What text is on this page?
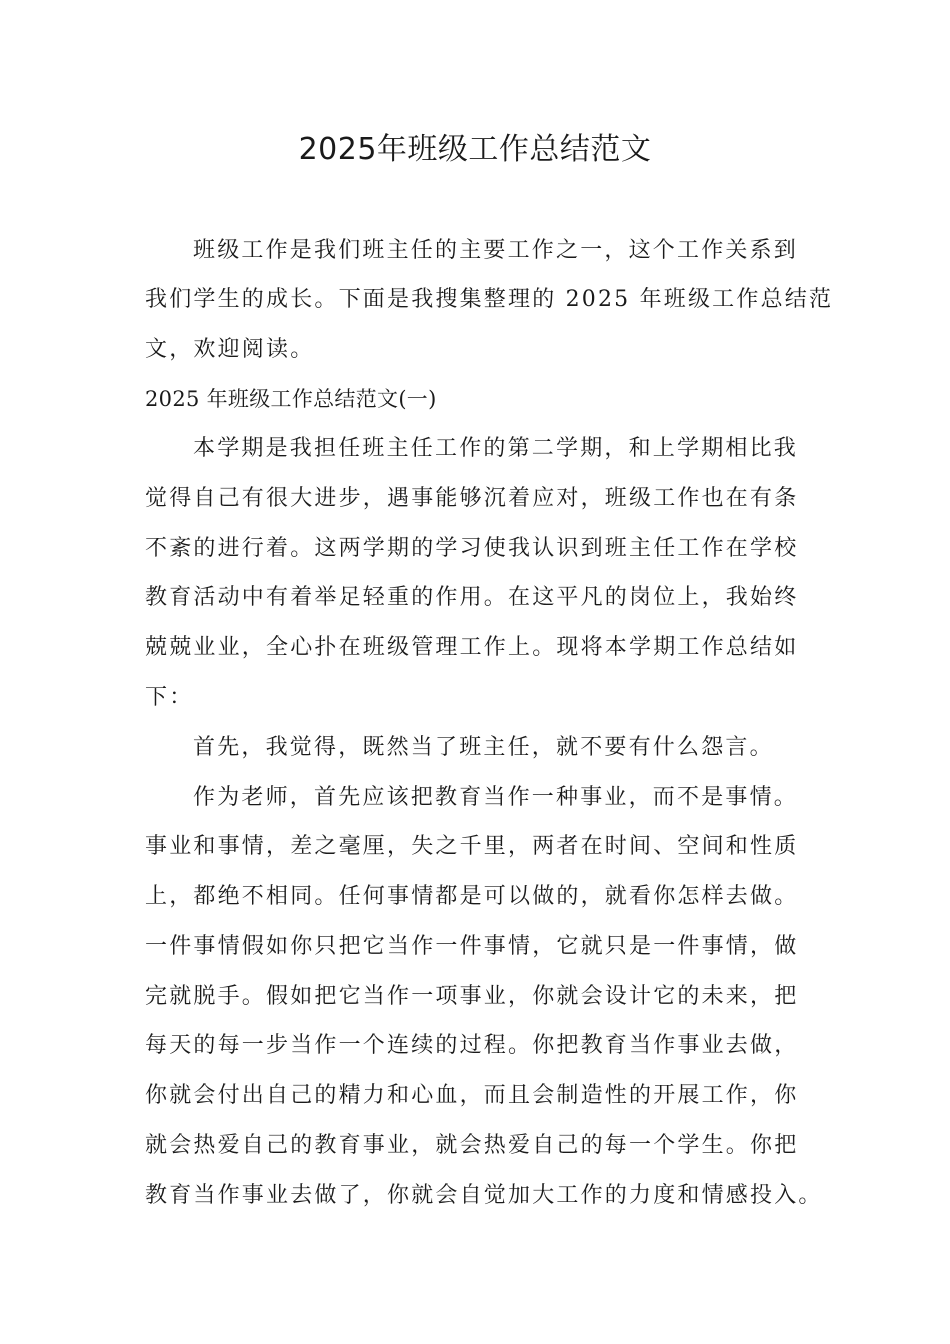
2025年班级工作总结范文

班级工作是我们班主任的主要工作之一，这个工作关系到

我们学生的成长。下面是我搜集整理的 2025 年班级工作总结范

文，欢迎阅读。

2025 年班级工作总结范文(一)

本学期是我担任班主任工作的第二学期，和上学期相比我

觉得自己有很大进步，遇事能够沉着应对，班级工作也在有条

不紊的进行着。这两学期的学习使我认识到班主任工作在学校

教育活动中有着举足轻重的作用。在这平凡的岗位上，我始终

兢兢业业，全心扑在班级管理工作上。现将本学期工作总结如

下：

首先，我觉得，既然当了班主任，就不要有什么怨言。

作为老师，首先应该把教育当作一种事业，而不是事情。

事业和事情，差之毫厘，失之千里，两者在时间、空间和性质

上，都绝不相同。任何事情都是可以做的，就看你怎样去做。

一件事情假如你只把它当作一件事情，它就只是一件事情，做

完就脱手。假如把它当作一项事业，你就会设计它的未来，把

每天的每一步当作一个连续的过程。你把教育当作事业去做，

你就会付出自己的精力和心血，而且会制造性的开展工作，你

就会热爱自己的教育事业，就会热爱自己的每一个学生。你把

教育当作事业去做了，你就会自觉加大工作的力度和情感投入。
